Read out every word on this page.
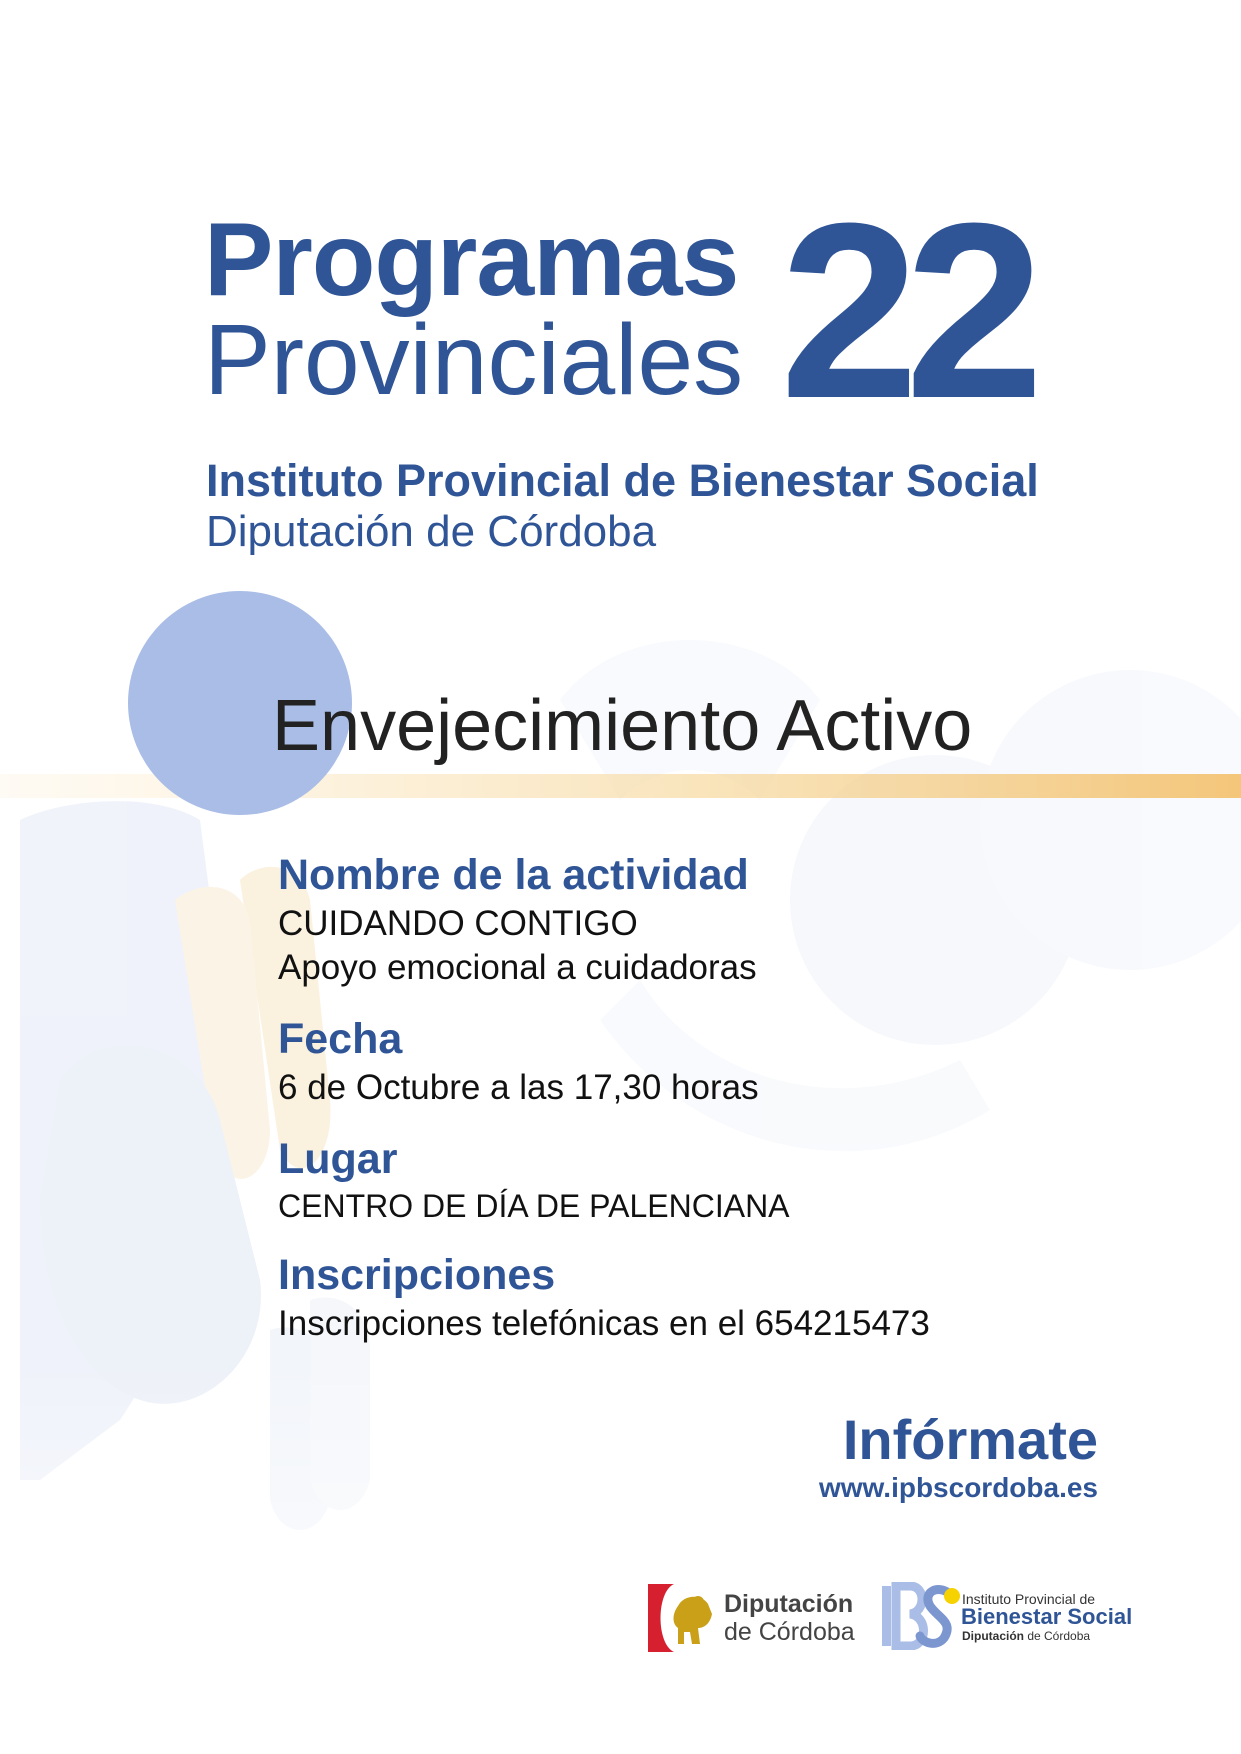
Programas
Provinciales 22
Instituto Provincial de Bienestar Social
Diputación de Córdoba
Envejecimiento Activo
Nombre de la actividad
CUIDANDO CONTIGO
Apoyo emocional a cuidadoras
Fecha
6 de Octubre a las 17,30 horas
Lugar
CENTRO DE DÍA DE PALENCIANA
Inscripciones
Inscripciones telefónicas en el 654215473
Infórmate
www.ipbscordoba.es
Diputación
de Córdoba
Instituto Provincial de
Bienestar Social
Diputación de Córdoba
